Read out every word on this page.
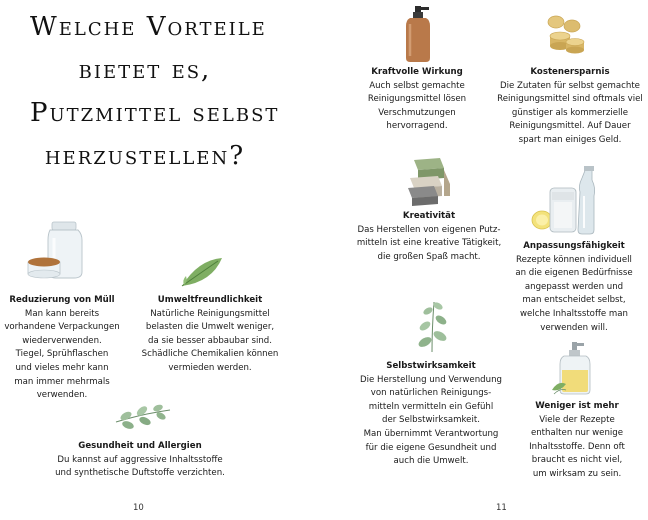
Welche Vorteile
bietet es,
Putzmittel selbst
herzustellen?
Reduzierung von Müll
Man kann bereits
vorhandene Verpackungen
wiederverwenden.
Tiegel, Sprühflaschen
und vieles mehr kann
man immer mehrmals
verwenden.
Umweltfreundlichkeit
Natürliche Reinigungsmittel
belasten die Umwelt weniger,
da sie besser abbaubar sind.
Schädliche Chemikalien können
vermieden werden.
Gesundheit und Allergien
Du kannst auf aggressive Inhaltsstoffe
und synthetische Duftstoffe verzichten.
10
Kraftvolle Wirkung
Auch selbst gemachte
Reinigungsmittel lösen
Verschmutzungen
hervorragend.
Kostenersparnis
Die Zutaten für selbst gemachte
Reinigungsmittel sind oftmals viel
günstiger als kommerzielle
Reinigungsmittel. Auf Dauer
spart man einiges Geld.
Kreativität
Das Herstellen von eigenen Putz-
mitteln ist eine kreative Tätigkeit,
die großen Spaß macht.
Anpassungsfähigkeit
Rezepte können individuell
an die eigenen Bedürfnisse
angepasst werden und
man entscheidet selbst,
welche Inhaltsstoffe man
verwenden will.
Selbstwirksamkeit
Die Herstellung und Verwendung
von natürlichen Reinigungs-
mitteln vermitteln ein Gefühl
der Selbstwirksamkeit.
Man übernimmt Verantwortung
für die eigene Gesundheit und
auch die Umwelt.
Weniger ist mehr
Viele der Rezepte
enthalten nur wenige
Inhaltsstoffe. Denn oft
braucht es nicht viel,
um wirksam zu sein.
11
